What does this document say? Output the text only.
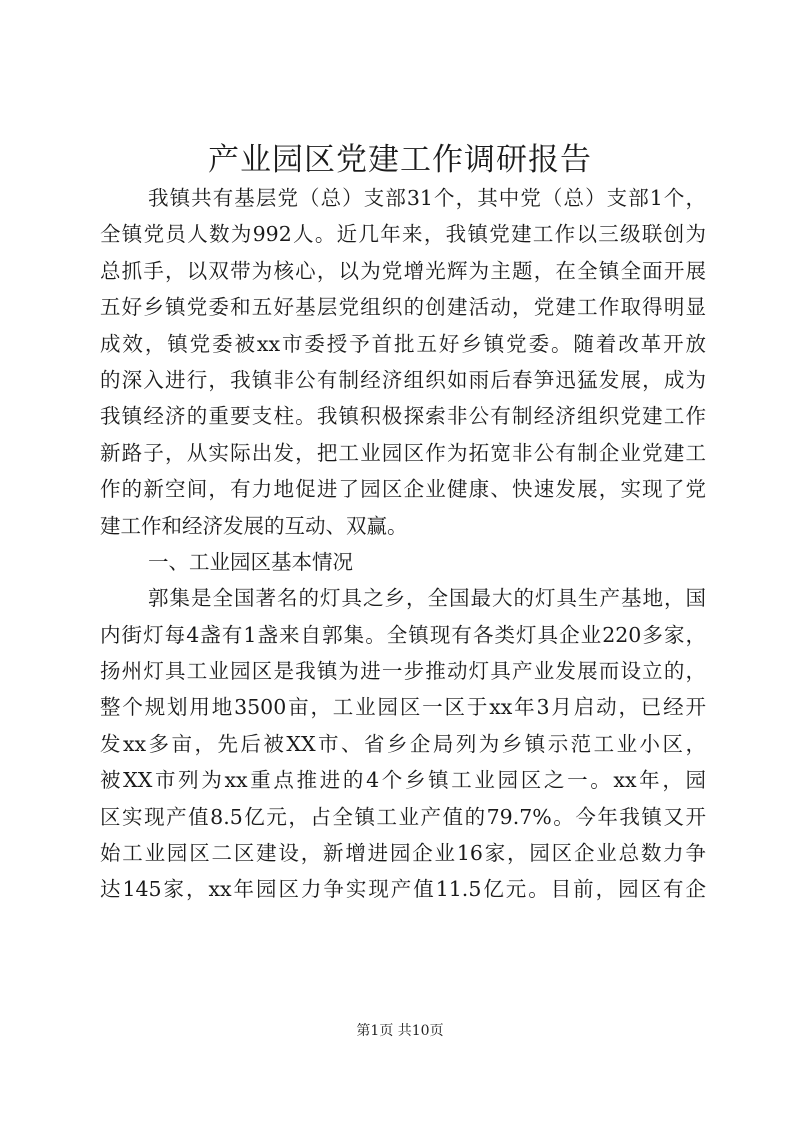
产业园区党建工作调研报告
我镇共有基层党（总）支部31个，其中党（总）支部1个，
全镇党员人数为992人。近几年来，我镇党建工作以三级联创为
总抓手，以双带为核心，以为党增光辉为主题，在全镇全面开展
五好乡镇党委和五好基层党组织的创建活动，党建工作取得明显
成效，镇党委被xx市委授予首批五好乡镇党委。随着改革开放
的深入进行，我镇非公有制经济组织如雨后春笋迅猛发展，成为
我镇经济的重要支柱。我镇积极探索非公有制经济组织党建工作
新路子，从实际出发，把工业园区作为拓宽非公有制企业党建工
作的新空间，有力地促进了园区企业健康、快速发展，实现了党
建工作和经济发展的互动、双赢。
一、工业园区基本情况
郭集是全国著名的灯具之乡，全国最大的灯具生产基地，国
内街灯每4盏有1盏来自郭集。全镇现有各类灯具企业220多家，
扬州灯具工业园区是我镇为进一步推动灯具产业发展而设立的，
整个规划用地3500亩，工业园区一区于xx年3月启动，已经开
发xx多亩，先后被XX市、省乡企局列为乡镇示范工业小区，
被XX市列为xx重点推进的4个乡镇工业园区之一。xx年，园
区实现产值8.5亿元，占全镇工业产值的79.7%。今年我镇又开
始工业园区二区建设，新增进园企业16家，园区企业总数力争
达145家，xx年园区力争实现产值11.5亿元。目前，园区有企
第1页 共10页
